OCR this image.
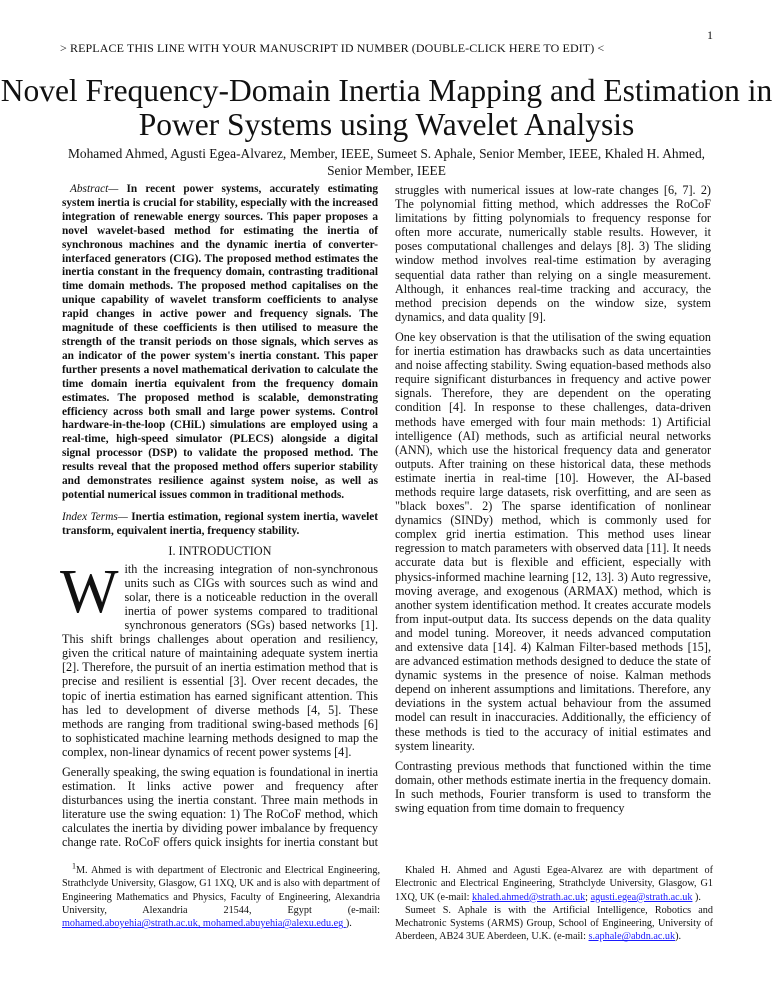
1
> REPLACE THIS LINE WITH YOUR MANUSCRIPT ID NUMBER (DOUBLE-CLICK HERE TO EDIT) <
Novel Frequency-Domain Inertia Mapping and Estimation in Power Systems using Wavelet Analysis
Mohamed Ahmed, Agusti Egea-Alvarez, Member, IEEE, Sumeet S. Aphale, Senior Member, IEEE, Khaled H. Ahmed, Senior Member, IEEE

Abstract— In recent power systems, accurately estimating system inertia is crucial for stability, especially with the increased integration of renewable energy sources. This paper proposes a novel wavelet-based method for estimating the inertia of synchronous machines and the dynamic inertia of converter-interfaced generators (CIG). The proposed method estimates the inertia constant in the frequency domain, contrasting traditional time domain methods. The proposed method capitalises on the unique capability of wavelet transform coefficients to analyse rapid changes in active power and frequency signals. The magnitude of these coefficients is then utilised to measure the strength of the transit periods on those signals, which serves as an indicator of the power system's inertia constant. This paper further presents a novel mathematical derivation to calculate the time domain inertia equivalent from the frequency domain estimates. The proposed method is scalable, demonstrating efficiency across both small and large power systems. Control hardware-in-the-loop (CHiL) simulations are employed using a real-time, high-speed simulator (PLECS) alongside a digital signal processor (DSP) to validate the proposed method. The results reveal that the proposed method offers superior stability and demonstrates resilience against system noise, as well as potential numerical issues common in traditional methods.

Index Terms— Inertia estimation, regional system inertia, wavelet transform, equivalent inertia, frequency stability.

I. INTRODUCTION

With the increasing integration of non-synchronous units such as CIGs with sources such as wind and solar, there is a noticeable reduction in the overall inertia of power systems compared to traditional synchronous generators (SGs) based networks [1]. This shift brings challenges about operation and resiliency, given the critical nature of maintaining adequate system inertia [2]. Therefore, the pursuit of an inertia estimation method that is precise and resilient is essential [3]. Over recent decades, the topic of inertia estimation has earned significant attention. This has led to development of diverse methods [4, 5]. These methods are ranging from traditional swing-based methods [6] to sophisticated machine learning methods designed to map the complex, non-linear dynamics of recent power systems [4].

Generally speaking, the swing equation is foundational in inertia estimation. It links active power and frequency after disturbances using the inertia constant. Three main methods in literature use the swing equation: 1) The RoCoF method, which calculates the inertia by dividing power imbalance by frequency change rate. RoCoF offers quick insights for inertia constant but

struggles with numerical issues at low-rate changes [6, 7]. 2) The polynomial fitting method, which addresses the RoCoF limitations by fitting polynomials to frequency response for often more accurate, numerically stable results. However, it poses computational challenges and delays [8]. 3) The sliding window method involves real-time estimation by averaging sequential data rather than relying on a single measurement. Although, it enhances real-time tracking and accuracy, the method precision depends on the window size, system dynamics, and data quality [9].

One key observation is that the utilisation of the swing equation for inertia estimation has drawbacks such as data uncertainties and noise affecting stability. Swing equation-based methods also require significant disturbances in frequency and active power signals. Therefore, they are dependent on the operating condition [4]. In response to these challenges, data-driven methods have emerged with four main methods: 1) Artificial intelligence (AI) methods, such as artificial neural networks (ANN), which use the historical frequency data and generator outputs. After training on these historical data, these methods estimate inertia in real-time [10]. However, the AI-based methods require large datasets, risk overfitting, and are seen as "black boxes". 2) The sparse identification of nonlinear dynamics (SINDy) method, which is commonly used for complex grid inertia estimation. This method uses linear regression to match parameters with observed data [11]. It needs accurate data but is flexible and efficient, especially with physics-informed machine learning [12, 13]. 3) Auto regressive, moving average, and exogenous (ARMAX) method, which is another system identification method. It creates accurate models from input-output data. Its success depends on the data quality and model tuning. Moreover, it needs advanced computation and extensive data [14]. 4) Kalman Filter-based methods [15], are advanced estimation methods designed to deduce the state of dynamic systems in the presence of noise. Kalman methods depend on inherent assumptions and limitations. Therefore, any deviations in the system actual behaviour from the assumed model can result in inaccuracies. Additionally, the efficiency of these methods is tied to the accuracy of initial estimates and system linearity.

Contrasting previous methods that functioned within the time domain, other methods estimate inertia in the frequency domain. In such methods, Fourier transform is used to transform the swing equation from time domain to frequency

$^1$M. Ahmed is with department of Electronic and Electrical Engineering, Strathclyde University, Glasgow, G1 1XQ, UK and is also with department of Engineering Mathematics and Physics, Faculty of Engineering, Alexandria University, Alexandria 21544, Egypt (e-mail: mohamed.aboyehia@strath.ac.uk, mohamed.abuyehia@alexu.edu.eg ).
Khaled H. Ahmed and Agusti Egea-Alvarez are with department of Electronic and Electrical Engineering, Strathclyde University, Glasgow, G1 1XQ, UK (e-mail: khaled.ahmed@strath.ac.uk; agusti.egea@strath.ac.uk ).
Sumeet S. Aphale is with the Artificial Intelligence, Robotics and Mechatronic Systems (ARMS) Group, School of Engineering, University of Aberdeen, AB24 3UE Aberdeen, U.K. (e-mail: s.aphale@abdn.ac.uk).
